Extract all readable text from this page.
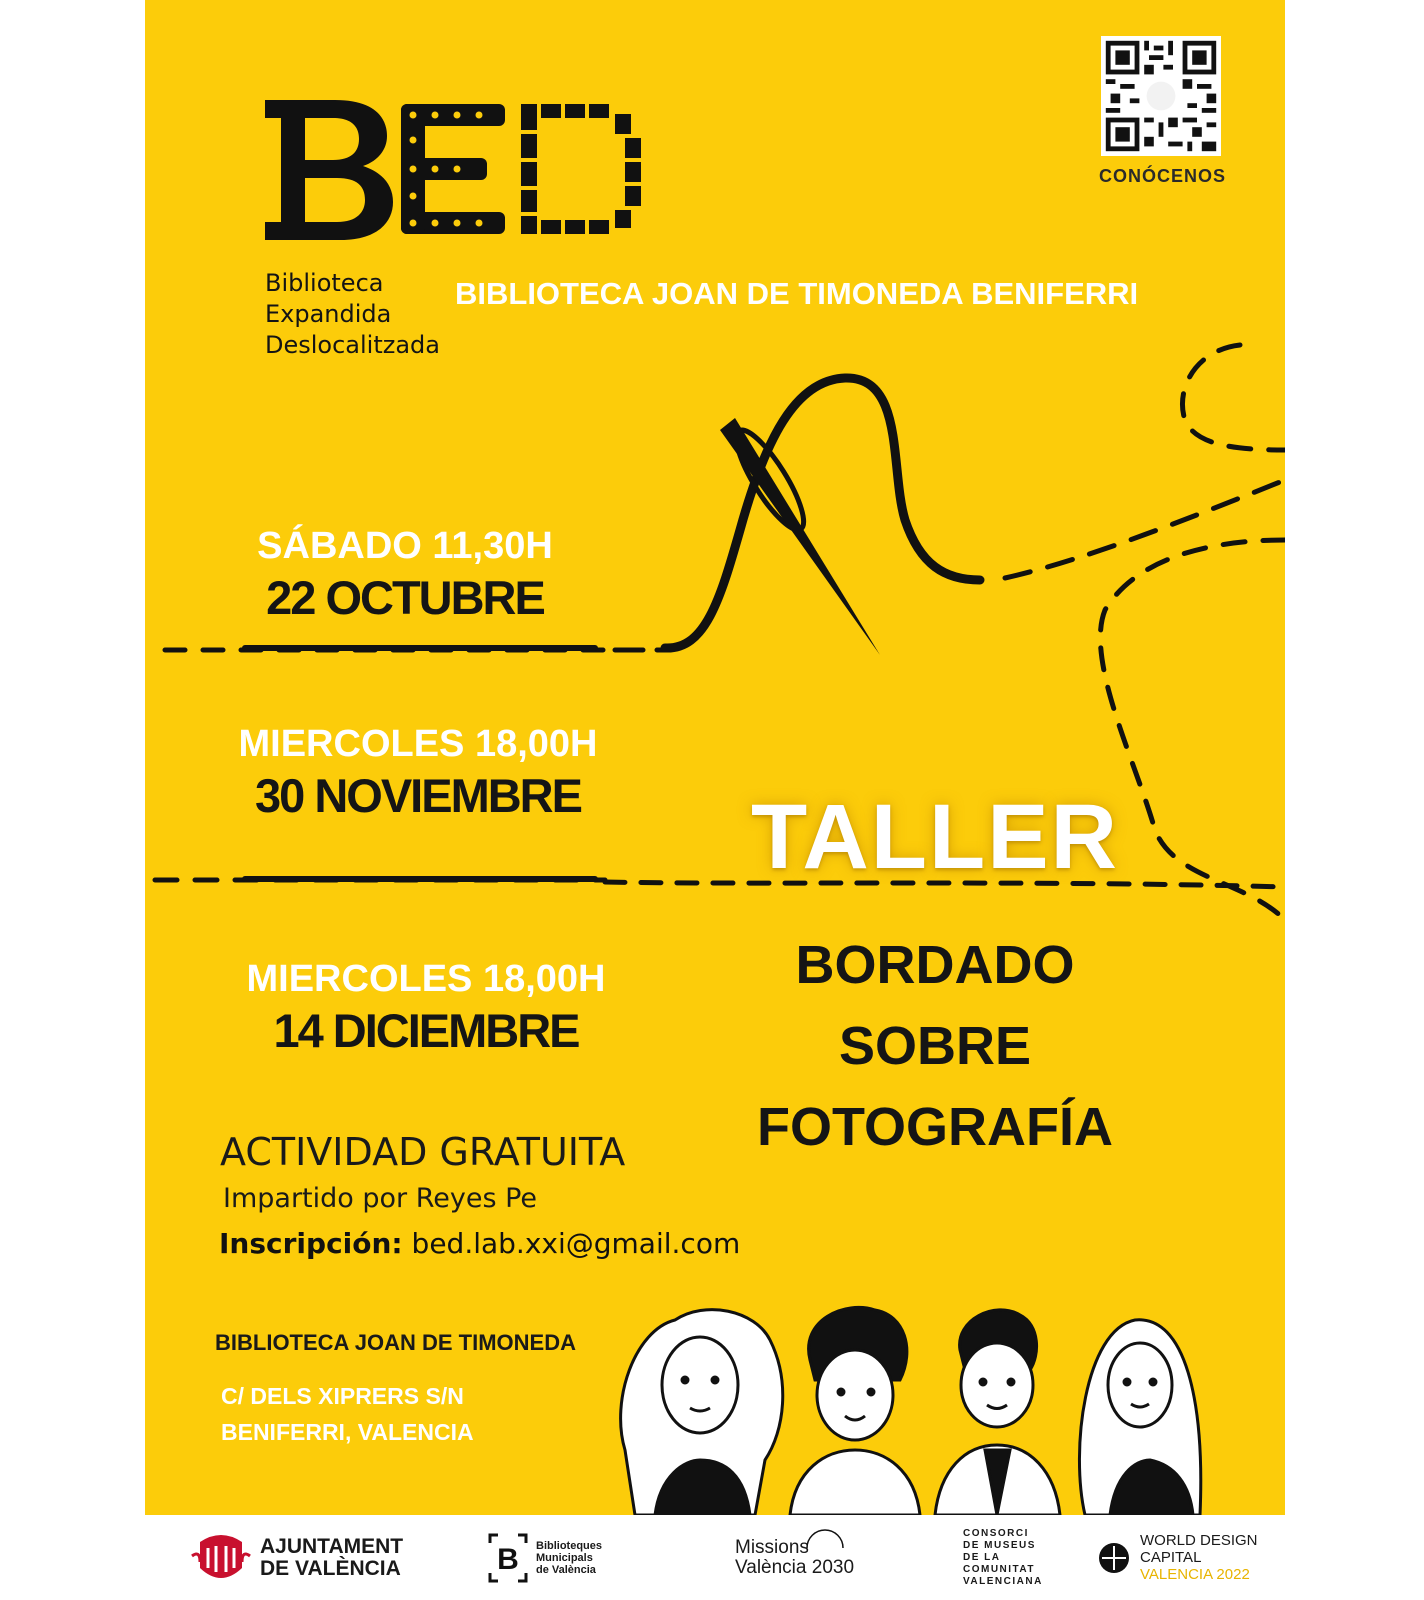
Biblioteca
Expandida
Deslocalitzada
BIBLIOTECA JOAN DE TIMONEDA BENIFERRI
CONÓCENOS
SÁBADO 11,30H
22 OCTUBRE
MIERCOLES 18,00H
30 NOVIEMBRE
MIERCOLES 18,00H
14 DICIEMBRE
TALLER
BORDADO
SOBRE
FOTOGRAFÍA
ACTIVIDAD GRATUITA
Impartido por Reyes Pe
Inscripción: bed.lab.xxi@gmail.com
BIBLIOTECA JOAN DE TIMONEDA
C/ DELS XIPRERS S/N
BENIFERRI, VALENCIA
AJUNTAMENT
DE VALÈNCIA	B Biblioteques
Municipals
de València
Missions
València 2030
CONSORCI
DE MUSEUS
DE LA
COMUNITAT
VALENCIANA
WORLD DESIGN
CAPITAL
VALENCIA 2022
